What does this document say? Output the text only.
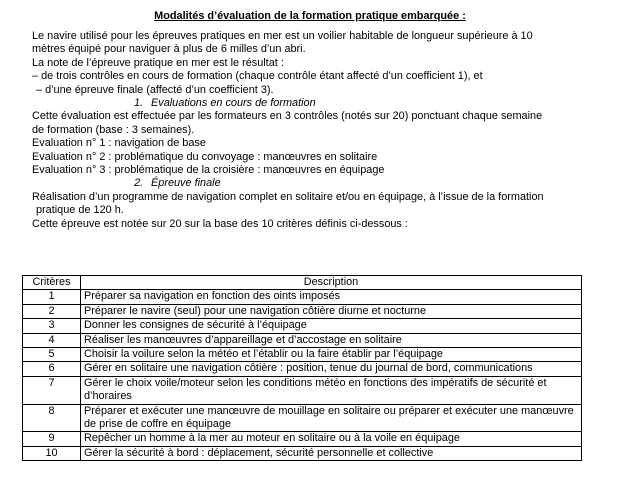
Modalités d’évaluation de la formation pratique embarquée :
Le navire utilisé pour les épreuves pratiques en mer est un voilier habitable de longueur supérieure à 10
mètres équipé pour naviguer à plus de 6 milles d’un abri.
La note de l’épreuve pratique en mer est le résultat :
– de trois contrôles en cours de formation (chaque contrôle étant affecté d’un coefficient 1), et
– d’une épreuve finale (affecté d’un coefficient 3).
1. Evaluations en cours de formation
Cette évaluation est effectuée par les formateurs en 3 contrôles (notés sur 20) ponctuant chaque semaine
de formation (base : 3 semaines).
Evaluation n° 1 : navigation de base
Evaluation n° 2 : problématique du convoyage : manœuvres en solitaire
Evaluation n° 3 : problématique de la croisière : manœuvres en équipage
2. Épreuve finale
Réalisation d’un programme de navigation complet en solitaire et/ou en équipage, à l’issue de la formation
pratique de 120 h.
Cette épreuve est notée sur 20 sur la base des 10 critères définis ci-dessous :
Critères	Description
1	Préparer sa navigation en fonction des oints imposés
2	Préparer le navire (seul) pour une navigation côtière diurne et nocturne
3	Donner les consignes de sécurité à l’équipage
4	Réaliser les manœuvres d’appareillage et d’accostage en solitaire
5	Choisir la voilure selon la météo et l’établir ou la faire établir par l’équipage
6	Gérer en solitaire une navigation côtière : position, tenue du journal de bord, communications
7	Gérer le choix voile/moteur selon les conditions météo en fonctions des impératifs de sécurité et d’horaires
8	Préparer et exécuter une manœuvre de mouillage en solitaire ou préparer et exécuter une manœuvre de prise de coffre en équipage
9	Repêcher un homme à la mer au moteur en solitaire ou à la voile en équipage
10	Gérer la sécurité à bord : déplacement, sécurité personnelle et collective
